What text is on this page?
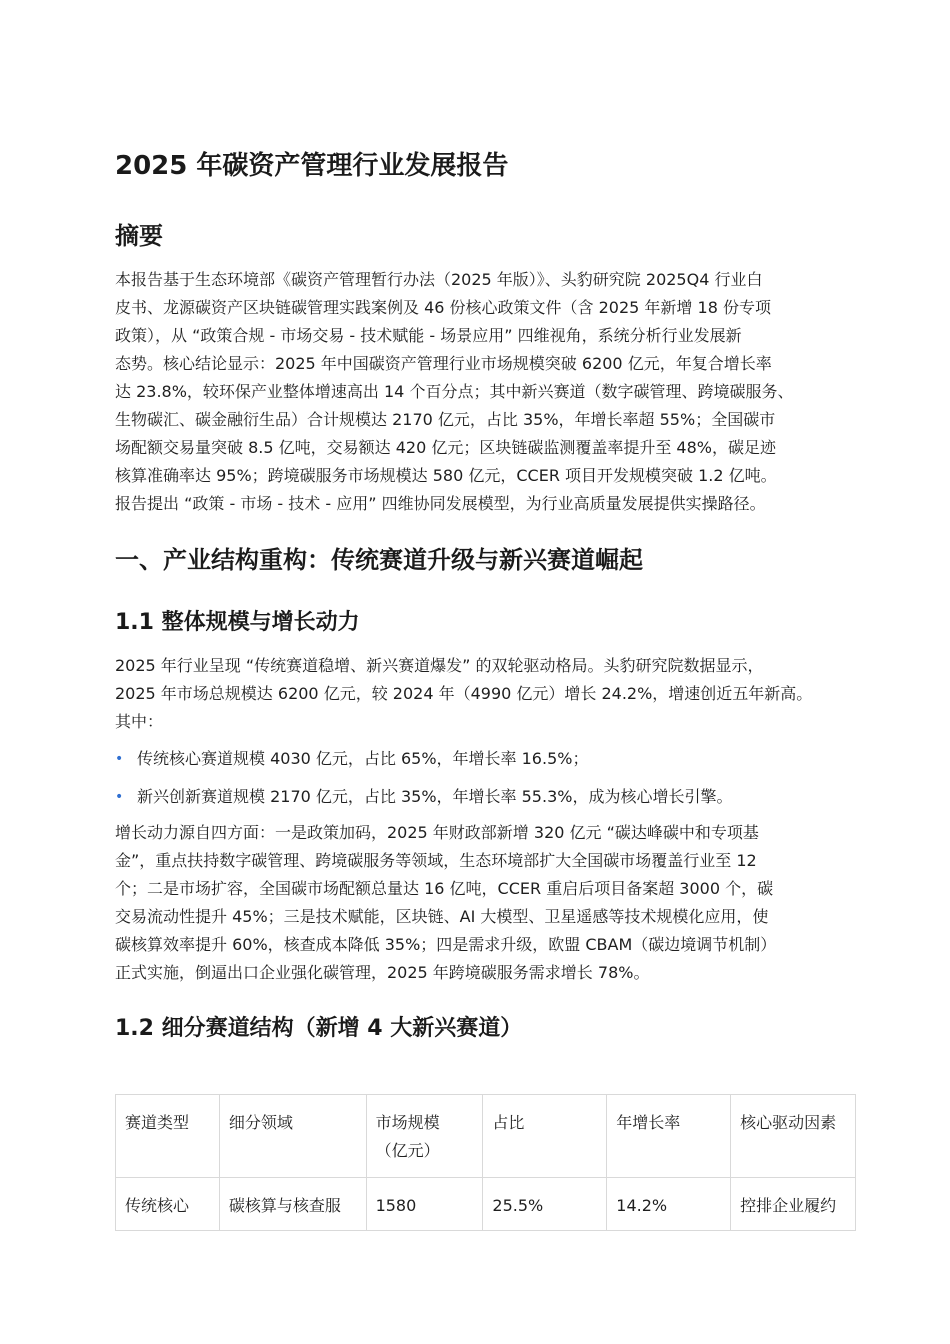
2025 年碳资产管理行业发展报告
摘要

本报告基于生态环境部《碳资产管理暂行办法（2025 年版）》、头豹研究院 2025Q4 行业白

皮书、龙源碳资产区块链碳管理实践案例及 46 份核心政策文件（含 2025 年新增 18 份专项

政策），从 “政策合规 - 市场交易 - 技术赋能 - 场景应用” 四维视角，系统分析行业发展新

态势。核心结论显示：2025 年中国碳资产管理行业市场规模突破 6200 亿元，年复合增长率

达 23.8%，较环保产业整体增速高出 14 个百分点；其中新兴赛道（数字碳管理、跨境碳服务、

生物碳汇、碳金融衍生品）合计规模达 2170 亿元，占比 35%，年增长率超 55%；全国碳市

场配额交易量突破 8.5 亿吨，交易额达 420 亿元；区块链碳监测覆盖率提升至 48%，碳足迹

核算准确率达 95%；跨境碳服务市场规模达 580 亿元，CCER 项目开发规模突破 1.2 亿吨。

报告提出 “政策 - 市场 - 技术 - 应用” 四维协同发展模型，为行业高质量发展提供实操路径。

一、产业结构重构：传统赛道升级与新兴赛道崛起
1.1 整体规模与增长动力

2025 年行业呈现 “传统赛道稳增、新兴赛道爆发” 的双轮驱动格局。头豹研究院数据显示，

2025 年市场总规模达 6200 亿元，较 2024 年（4990 亿元）增长 24.2%，增速创近五年新高。

其中：

• 传统核心赛道规模 4030 亿元，占比 65%，年增长率 16.5%；
• 新兴创新赛道规模 2170 亿元，占比 35%，年增长率 55.3%，成为核心增长引擎。

增长动力源自四方面：一是政策加码，2025 年财政部新增 320 亿元 “碳达峰碳中和专项基

金”，重点扶持数字碳管理、跨境碳服务等领域，生态环境部扩大全国碳市场覆盖行业至 12

个；二是市场扩容，全国碳市场配额总量达 16 亿吨，CCER 重启后项目备案超 3000 个，碳

交易流动性提升 45%；三是技术赋能，区块链、AI 大模型、卫星遥感等技术规模化应用，使

碳核算效率提升 60%，核查成本降低 35%；四是需求升级，欧盟 CBAM（碳边境调节机制）

正式实施，倒逼出口企业强化碳管理，2025 年跨境碳服务需求增长 78%。

1.2 细分赛道结构（新增 4 大新兴赛道）
赛道类型	细分领域	市场规模
（亿元）	占比	年增长率	核心驱动因素
传统核心	碳核算与核查服	1580	25.5%	14.2%	控排企业履约
